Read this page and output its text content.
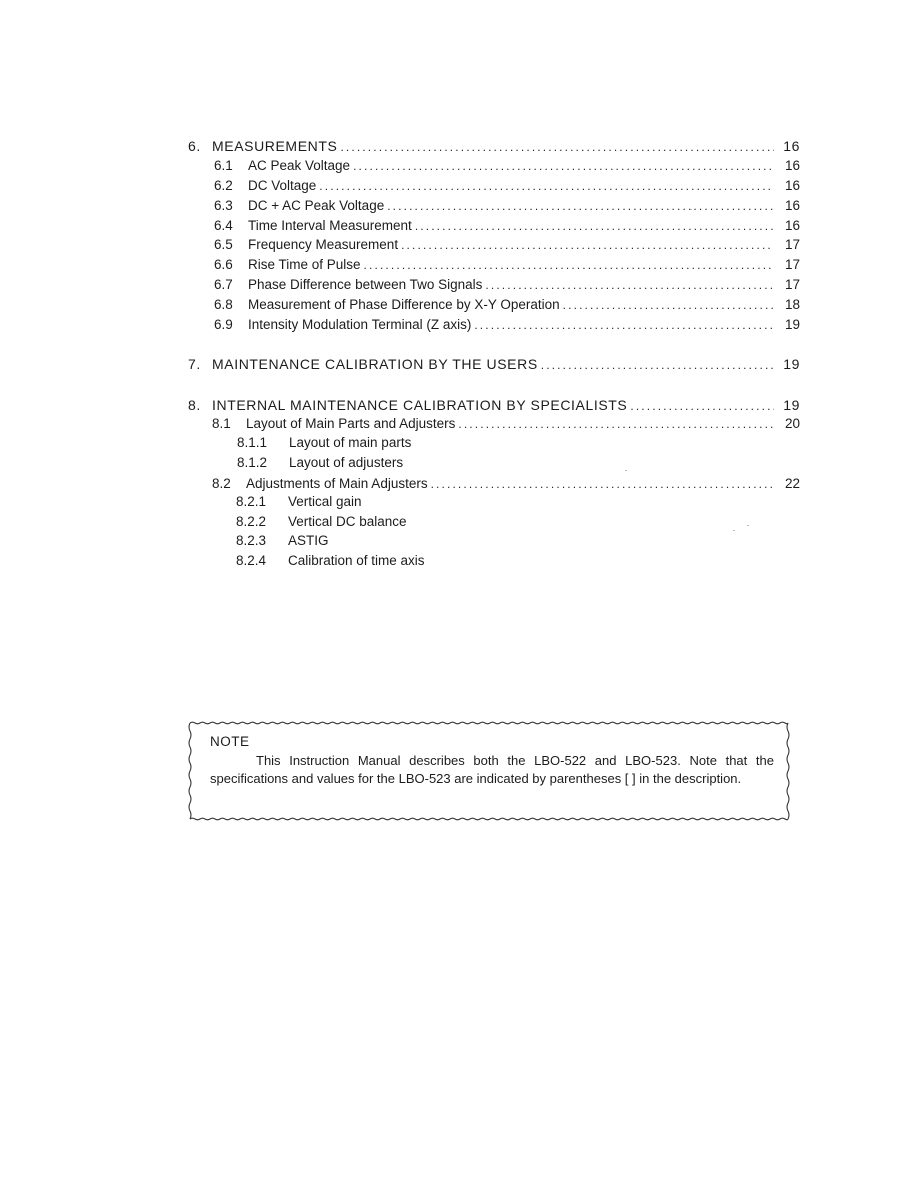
6. MEASUREMENTS . . .	16
6.1	AC Peak Voltage . . .	16
6.2	DC Voltage . . .	16
6.3	DC + AC Peak Voltage . . .	16
6.4	Time Interval Measurement . . .	16
6.5	Frequency Measurement . . .	17
6.6	Rise Time of Pulse . . .	17
6.7	Phase Difference between Two Signals . . .	17
6.8	Measurement of Phase Difference by X-Y Operation . . .	18
6.9	Intensity Modulation Terminal (Z axis) . . .	19
7. MAINTENANCE CALIBRATION BY THE USERS . . .	19
8. INTERNAL MAINTENANCE CALIBRATION BY SPECIALISTS . . .	19
8.1	Layout of Main Parts and Adjusters . . .	20
8.1.1	Layout of main parts
8.1.2	Layout of adjusters
8.2	Adjustments of Main Adjusters . . .	22
8.2.1	Vertical gain
8.2.2	Vertical DC balance
8.2.3	ASTIG
8.2.4	Calibration of time axis
NOTE
This Instruction Manual describes both the LBO-522 and LBO-523. Note that the specifications and values for the LBO-523 are indicated by parentheses [ ] in the description.
